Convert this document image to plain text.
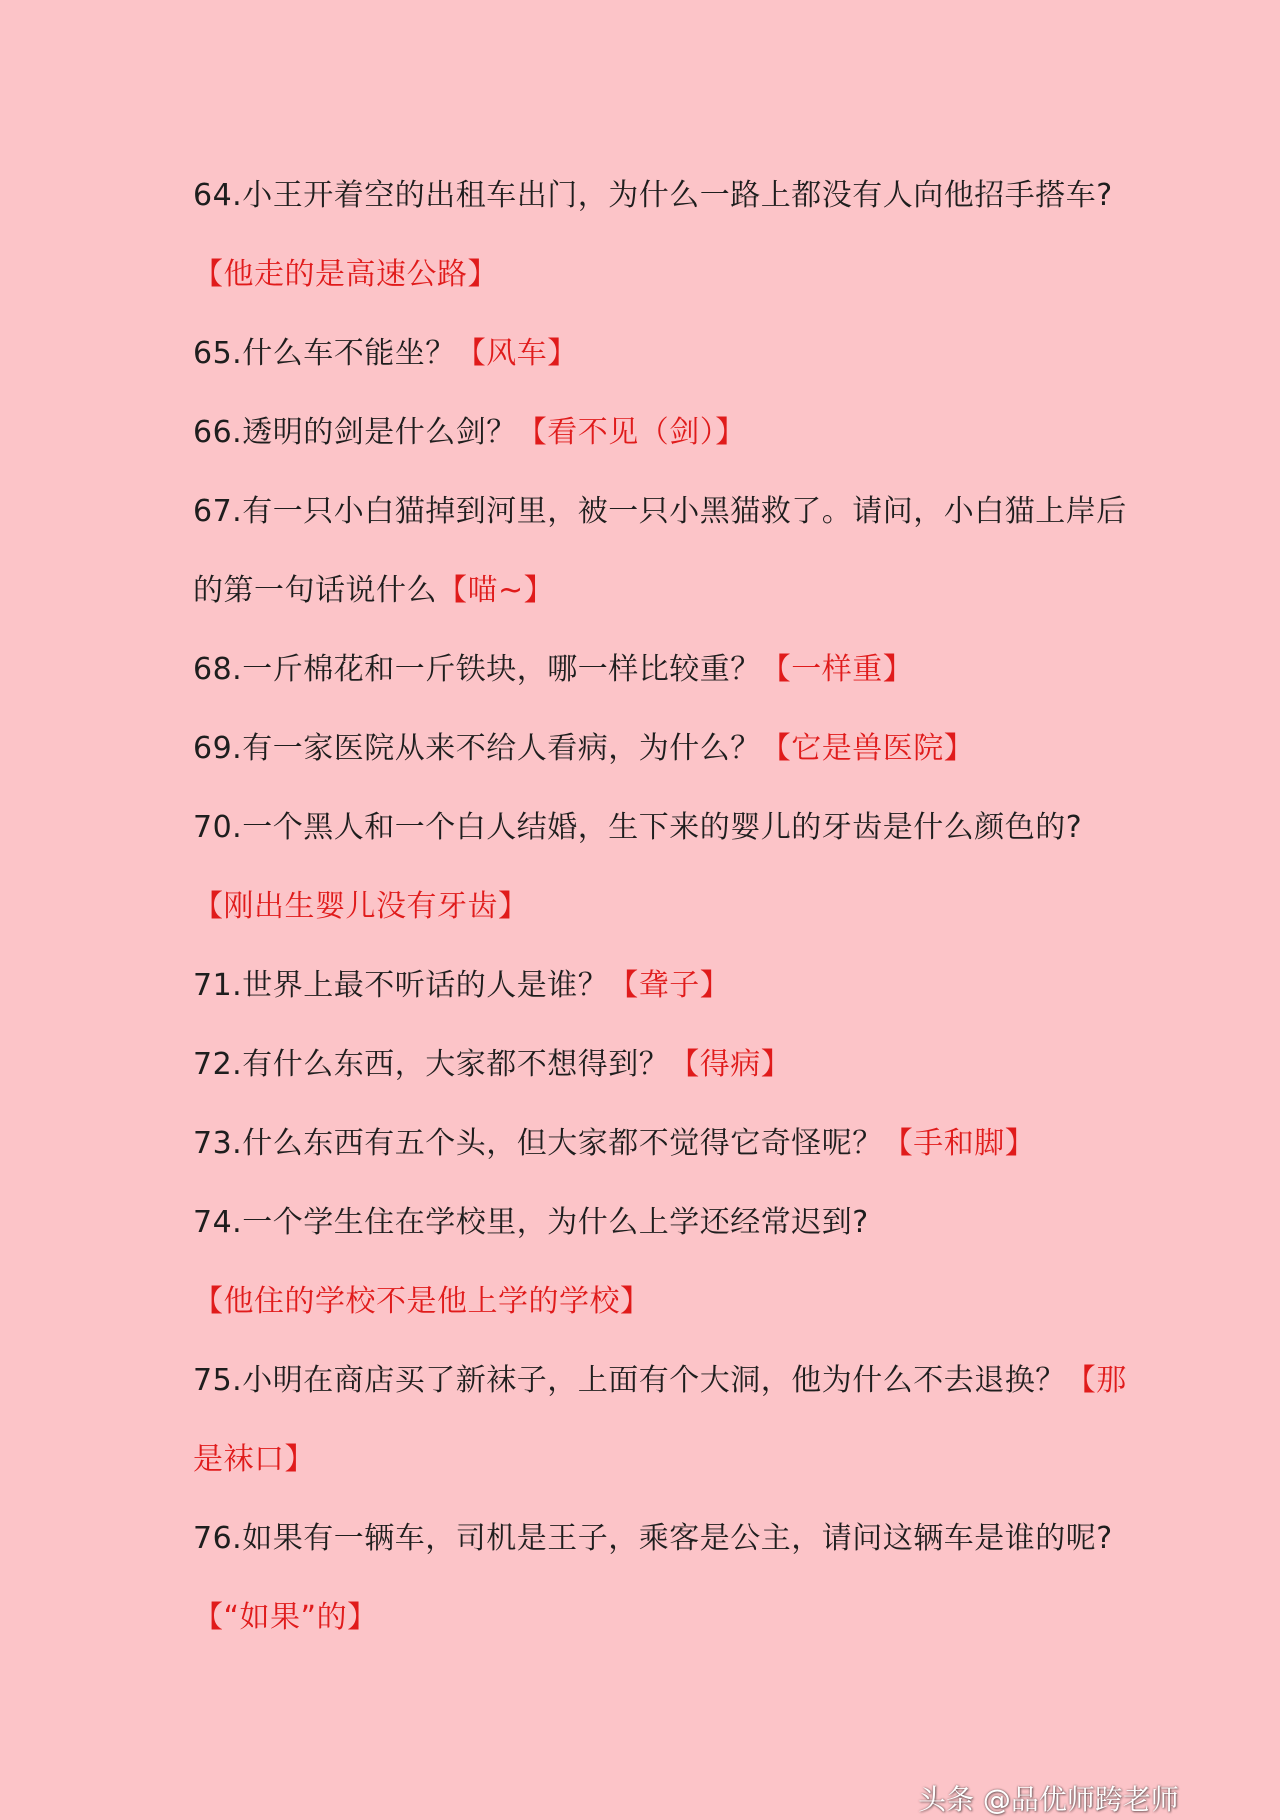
64.小王开着空的出租车出门，为什么一路上都没有人向他招手搭车?
【他走的是高速公路】
65.什么车不能坐？【风车】
66.透明的剑是什么剑？【看不见（剑）】
67.有一只小白猫掉到河里，被一只小黑猫救了。请问，小白猫上岸后
的第一句话说什么【喵~】
68.一斤棉花和一斤铁块，哪一样比较重？【一样重】
69.有一家医院从来不给人看病，为什么？【它是兽医院】
70.一个黑人和一个白人结婚，生下来的婴儿的牙齿是什么颜色的?
【刚出生婴儿没有牙齿】
71.世界上最不听话的人是谁？【聋子】
72.有什么东西，大家都不想得到？【得病】
73.什么东西有五个头，但大家都不觉得它奇怪呢？【手和脚】
74.一个学生住在学校里，为什么上学还经常迟到?
【他住的学校不是他上学的学校】
75.小明在商店买了新袜子，上面有个大洞，他为什么不去退换？【那
是袜口】
76.如果有一辆车，司机是王子，乘客是公主，请问这辆车是谁的呢?
【“如果”的】
头条 @品优师跨老师
